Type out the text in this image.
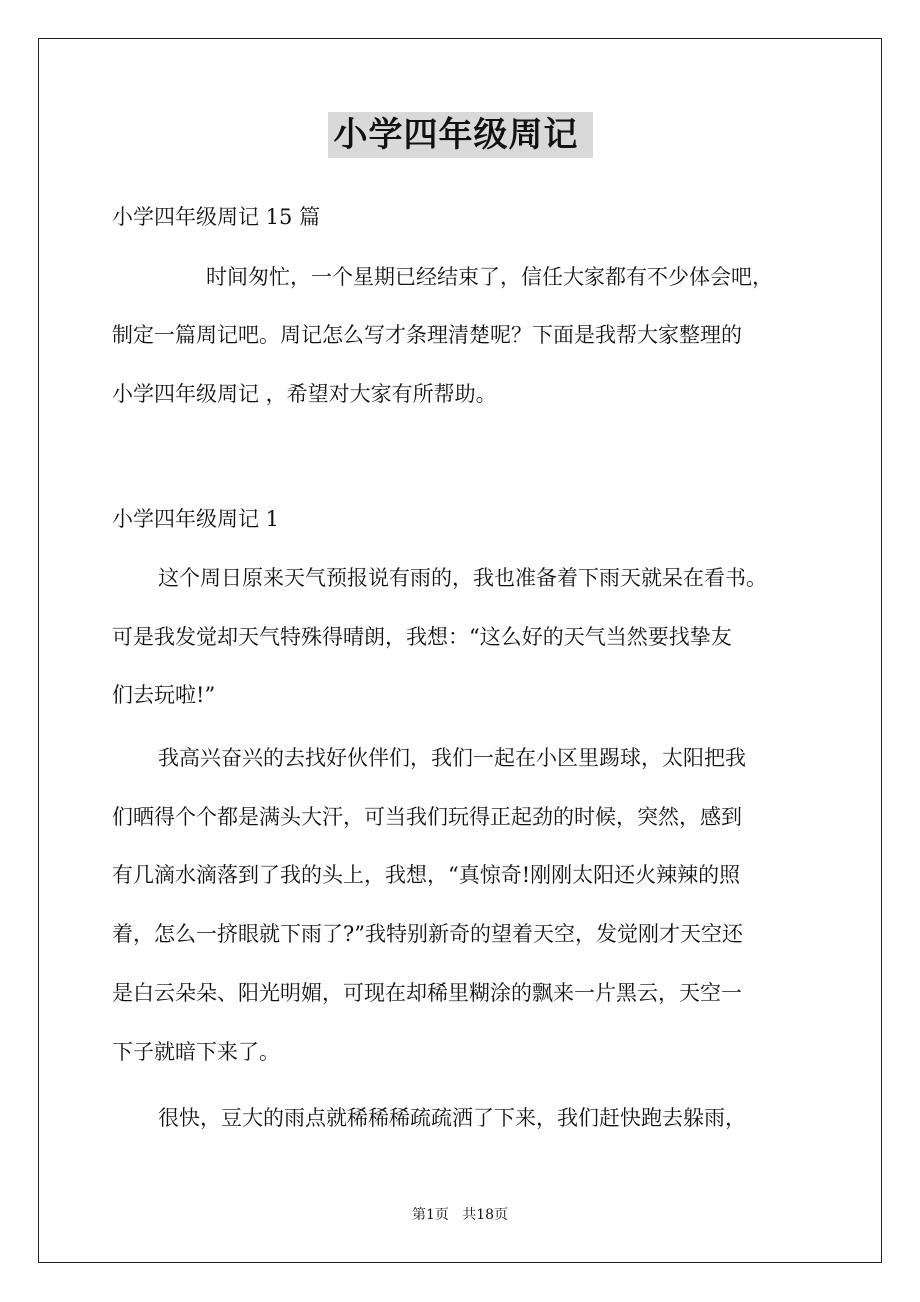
小学四年级周记
小学四年级周记 15 篇
时间匆忙，一个星期已经结束了，信任大家都有不少体会吧，
制定一篇周记吧。周记怎么写才条理清楚呢？下面是我帮大家整理的
小学四年级周记 ，希望对大家有所帮助。
小学四年级周记 1
这个周日原来天气预报说有雨的，我也准备着下雨天就呆在看书。
可是我发觉却天气特殊得晴朗，我想：“这么好的天气当然要找挚友
们去玩啦!”
我高兴奋兴的去找好伙伴们，我们一起在小区里踢球，太阳把我
们晒得个个都是满头大汗，可当我们玩得正起劲的时候，突然，感到
有几滴水滴落到了我的头上，我想，“真惊奇!刚刚太阳还火辣辣的照
着，怎么一挤眼就下雨了?”我特别新奇的望着天空，发觉刚才天空还
是白云朵朵、阳光明媚，可现在却稀里糊涂的飘来一片黑云，天空一
下子就暗下来了。
很快，豆大的雨点就稀稀稀疏疏洒了下来，我们赶快跑去躲雨，
第1页   共18页
